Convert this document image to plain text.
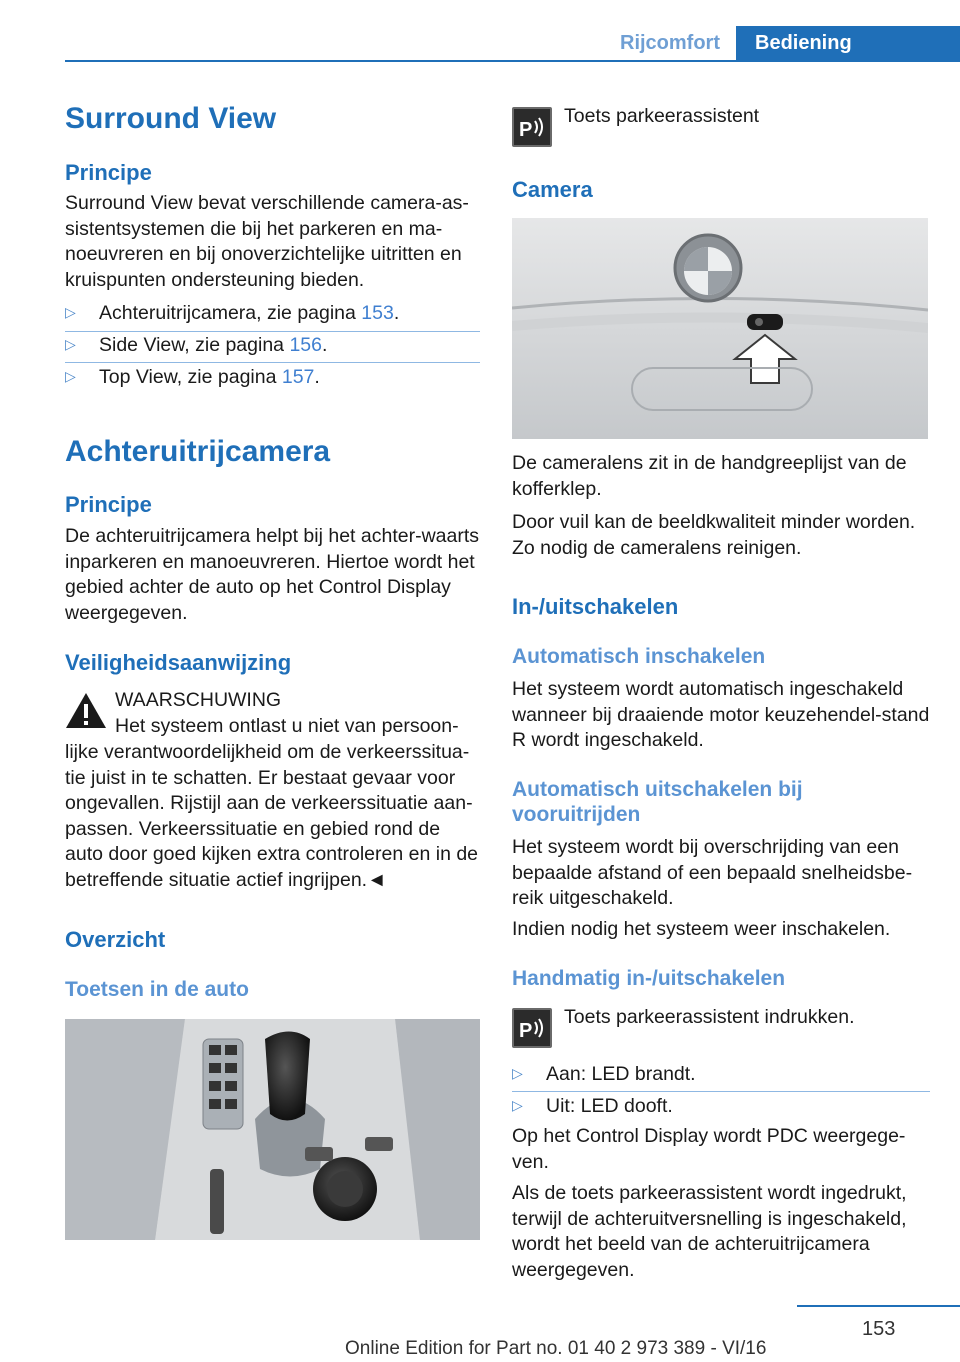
Rijcomfort	Bediening
Surround View
Principe
Surround View bevat verschillende camera-as-sistentsystemen die bij het parkeren en ma-noeuvreren en bij onoverzichtelijke uitritten en kruispunten ondersteuning bieden.
▷ Achteruitrijcamera, zie pagina 153.
▷ Side View, zie pagina 156.
▷ Top View, zie pagina 157.
Achteruitrijcamera
Principe
De achteruitrijcamera helpt bij het achter-waarts inparkeren en manoeuvreren. Hiertoe wordt het gebied achter de auto op het Control Display weergegeven.
Veiligheidsaanwijzing
WAARSCHUWING
Het systeem ontlast u niet van persoon-
lijke verantwoordelijkheid om de verkeerssitua-tie juist in te schatten. Er bestaat gevaar voor ongevallen. Rijstijl aan de verkeerssituatie aan-passen. Verkeerssituatie en gebied rond de auto door goed kijken extra controleren en in de betreffende situatie actief ingrijpen.◄
Overzicht
Toetsen in de auto
P
Toets parkeerassistent
Camera
De cameralens zit in de handgreeplijst van de kofferklep.
Door vuil kan de beeldkwaliteit minder worden. Zo nodig de cameralens reinigen.
In-/uitschakelen
Automatisch inschakelen
Het systeem wordt automatisch ingeschakeld wanneer bij draaiende motor keuzehendel-stand R wordt ingeschakeld.
Automatisch uitschakelen bij
vooruitrijden
Het systeem wordt bij overschrijding van een bepaalde afstand of een bepaald snelheidsbe-reik uitgeschakeld.
Indien nodig het systeem weer inschakelen.
Handmatig in-/uitschakelen
P
Toets parkeerassistent indrukken.
▷ Aan: LED brandt.
▷ Uit: LED dooft.
Op het Control Display wordt PDC weergege-ven.
Als de toets parkeerassistent wordt ingedrukt, terwijl de achteruitversnelling is ingeschakeld, wordt het beeld van de achteruitrijcamera weergegeven.
153
Online Edition for Part no. 01 40 2 973 389 - VI/16
